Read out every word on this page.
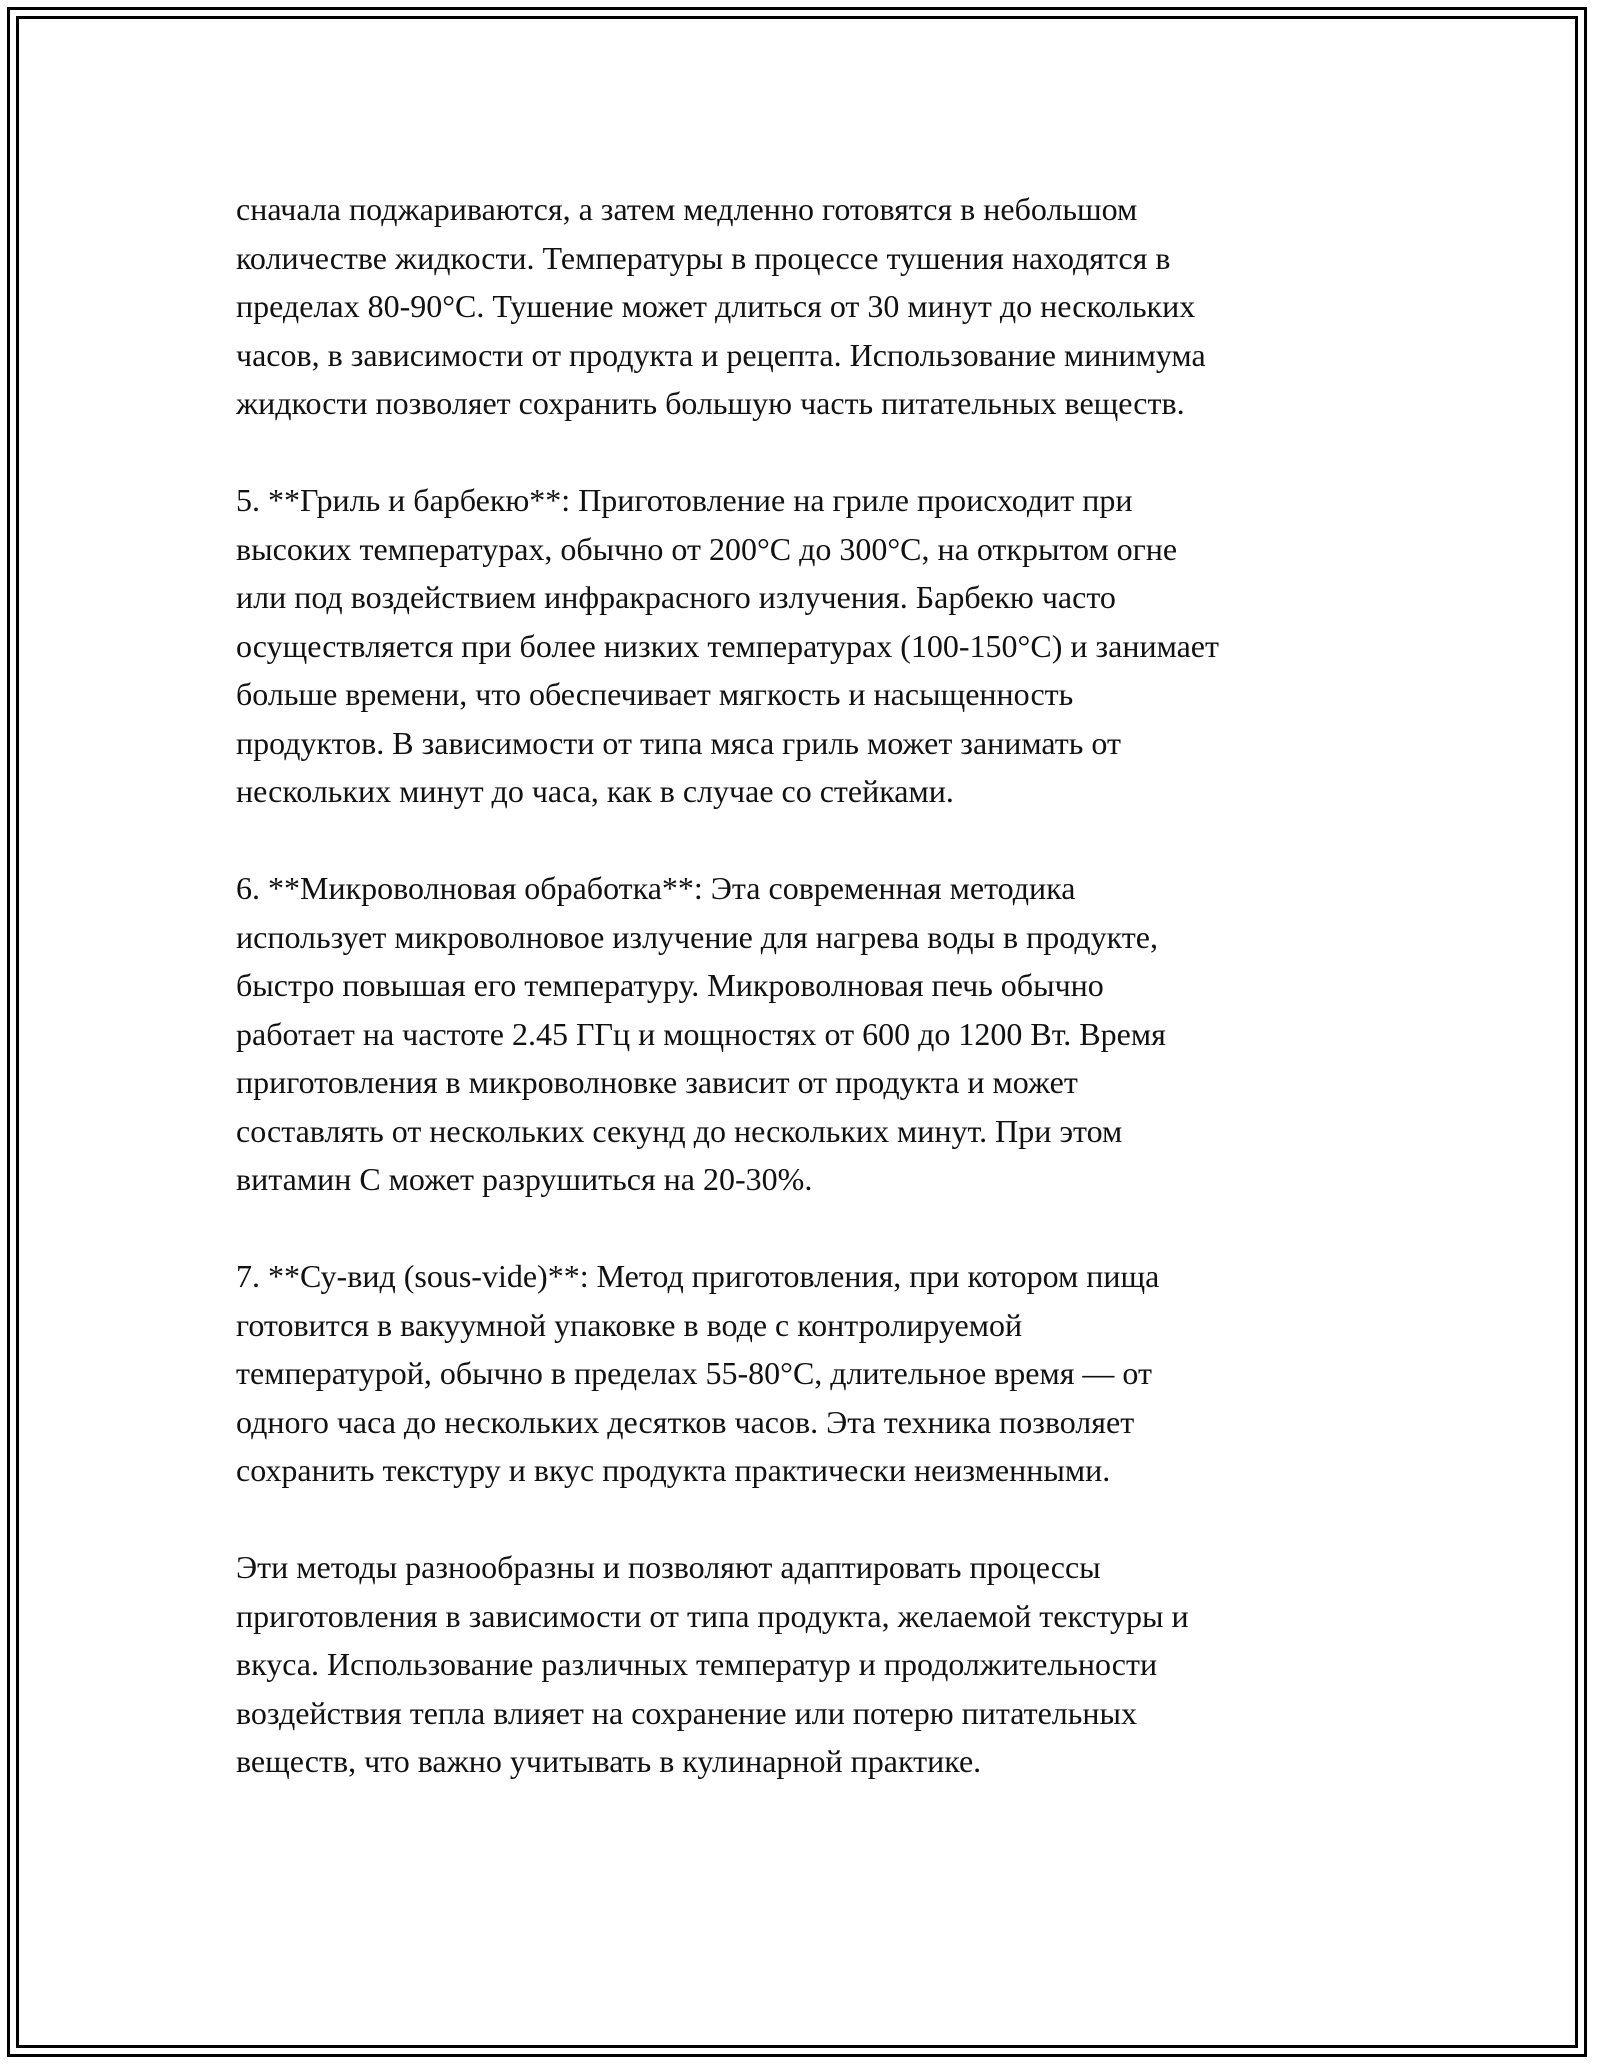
сначала поджариваются, а затем медленно готовятся в небольшом
количестве жидкости. Температуры в процессе тушения находятся в
пределах 80-90°C. Тушение может длиться от 30 минут до нескольких
часов, в зависимости от продукта и рецепта. Использование минимума
жидкости позволяет сохранить большую часть питательных веществ.

5. **Гриль и барбекю**: Приготовление на гриле происходит при
высоких температурах, обычно от 200°C до 300°C, на открытом огне
или под воздействием инфракрасного излучения. Барбекю часто
осуществляется при более низких температурах (100-150°C) и занимает
больше времени, что обеспечивает мягкость и насыщенность
продуктов. В зависимости от типа мяса гриль может занимать от
нескольких минут до часа, как в случае со стейками.

6. **Микроволновая обработка**: Эта современная методика
использует микроволновое излучение для нагрева воды в продукте,
быстро повышая его температуру. Микроволновая печь обычно
работает на частоте 2.45 ГГц и мощностях от 600 до 1200 Вт. Время
приготовления в микроволновке зависит от продукта и может
составлять от нескольких секунд до нескольких минут. При этом
витамин C может разрушиться на 20-30%.

7. **Су-вид (sous-vide)**: Метод приготовления, при котором пища
готовится в вакуумной упаковке в воде с контролируемой
температурой, обычно в пределах 55-80°C, длительное время — от
одного часа до нескольких десятков часов. Эта техника позволяет
сохранить текстуру и вкус продукта практически неизменными.

Эти методы разнообразны и позволяют адаптировать процессы
приготовления в зависимости от типа продукта, желаемой текстуры и
вкуса. Использование различных температур и продолжительности
воздействия тепла влияет на сохранение или потерю питательных
веществ, что важно учитывать в кулинарной практике.
